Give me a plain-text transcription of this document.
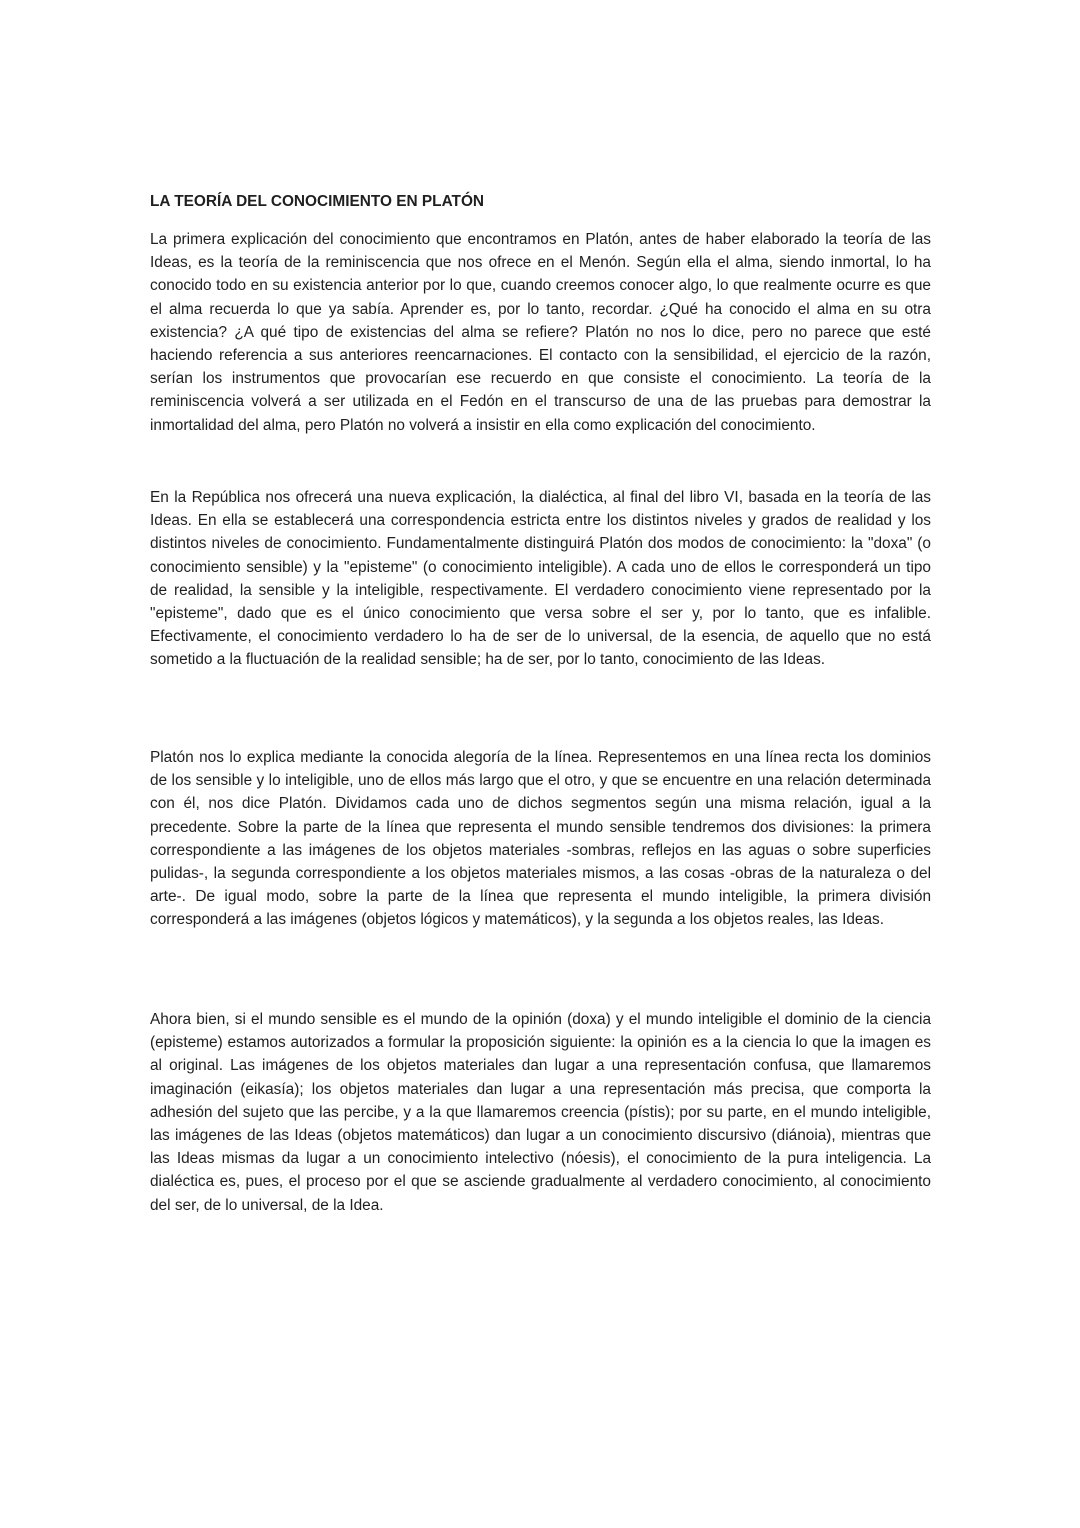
LA TEORÍA DEL CONOCIMIENTO EN PLATÓN

La primera explicación del conocimiento que encontramos en Platón, antes de haber elaborado la teoría de las Ideas, es la teoría de la reminiscencia que nos ofrece en el Menón. Según ella el alma, siendo inmortal, lo ha conocido todo en su existencia anterior por lo que, cuando creemos conocer algo, lo que realmente ocurre es que el alma recuerda lo que ya sabía. Aprender es, por lo tanto, recordar. ¿Qué ha conocido el alma en su otra existencia? ¿A qué tipo de existencias del alma se refiere? Platón no nos lo dice, pero no parece que esté haciendo referencia a sus anteriores reencarnaciones. El contacto con la sensibilidad, el ejercicio de la razón, serían los instrumentos que provocarían ese recuerdo en que consiste el conocimiento. La teoría de la reminiscencia volverá a ser utilizada en el Fedón en el transcurso de una de las pruebas para demostrar la inmortalidad del alma, pero Platón no volverá a insistir en ella como explicación del conocimiento.

En la República nos ofrecerá una nueva explicación, la dialéctica, al final del libro VI, basada en la teoría de las Ideas. En ella se establecerá una correspondencia estricta entre los distintos niveles y grados de realidad y los distintos niveles de conocimiento. Fundamentalmente distinguirá Platón dos modos de conocimiento: la "doxa" (o conocimiento sensible) y la "episteme" (o conocimiento inteligible). A cada uno de ellos le corresponderá un tipo de realidad, la sensible y la inteligible, respectivamente. El verdadero conocimiento viene representado por la "episteme", dado que es el único conocimiento que versa sobre el ser y, por lo tanto, que es infalible. Efectivamente, el conocimiento verdadero lo ha de ser de lo universal, de la esencia, de aquello que no está sometido a la fluctuación de la realidad sensible; ha de ser, por lo tanto, conocimiento de las Ideas.

Platón nos lo explica mediante la conocida alegoría de la línea. Representemos en una línea recta los dominios de los sensible y lo inteligible, uno de ellos más largo que el otro, y que se encuentre en una relación determinada con él, nos dice Platón. Dividamos cada uno de dichos segmentos según una misma relación, igual a la precedente. Sobre la parte de la línea que representa el mundo sensible tendremos dos divisiones: la primera correspondiente a las imágenes de los objetos materiales -sombras, reflejos en las aguas o sobre superficies pulidas-, la segunda correspondiente a los objetos materiales mismos, a las cosas -obras de la naturaleza o del arte-. De igual modo, sobre la parte de la línea que representa el mundo inteligible, la primera división corresponderá a las imágenes (objetos lógicos y matemáticos), y la segunda a los objetos reales, las Ideas.

Ahora bien, si el mundo sensible es el mundo de la opinión (doxa) y el mundo inteligible el dominio de la ciencia (episteme) estamos autorizados a formular la proposición siguiente: la opinión es a la ciencia lo que la imagen es al original. Las imágenes de los objetos materiales dan lugar a una representación confusa, que llamaremos imaginación (eikasía); los objetos materiales dan lugar a una representación más precisa, que comporta la adhesión del sujeto que las percibe, y a la que llamaremos creencia (pístis); por su parte, en el mundo inteligible, las imágenes de las Ideas (objetos matemáticos) dan lugar a un conocimiento discursivo (diánoia), mientras que las Ideas mismas da lugar a un conocimiento intelectivo (nóesis), el conocimiento de la pura inteligencia. La dialéctica es, pues, el proceso por el que se asciende gradualmente al verdadero conocimiento, al conocimiento del ser, de lo universal, de la Idea.
